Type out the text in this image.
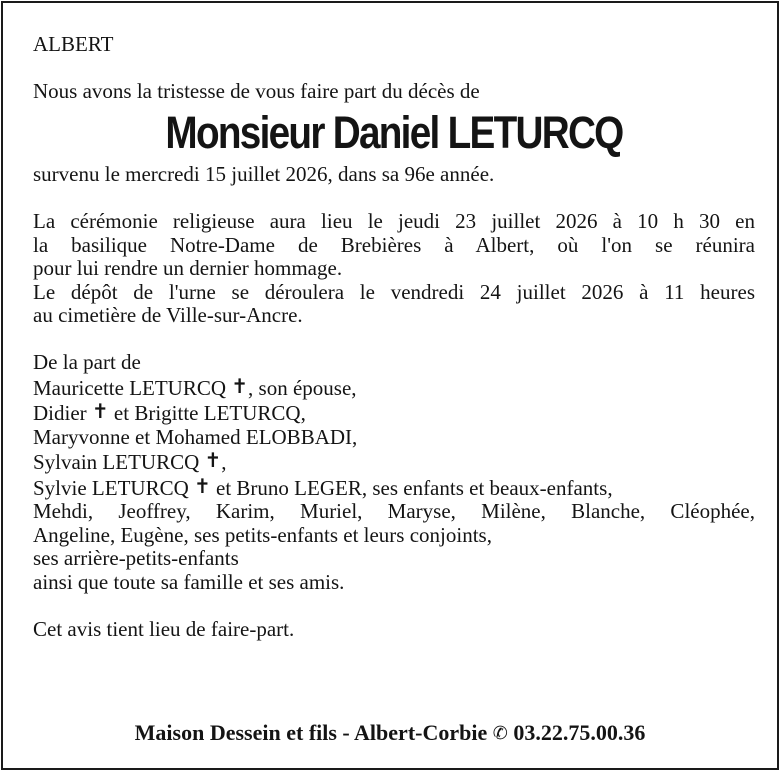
ALBERT
Nous avons la tristesse de vous faire part du décès de
Monsieur Daniel LETURCQ
survenu le mercredi 15 juillet 2026, dans sa 96e année.
La cérémonie religieuse aura lieu le jeudi 23 juillet 2026 à 10 h 30 en
la basilique Notre-Dame de Brebières à Albert, où l'on se réunira
pour lui rendre un dernier hommage.
Le dépôt de l'urne se déroulera le vendredi 24 juillet 2026 à 11 heures
au cimetière de Ville-sur-Ancre.
De la part de
Mauricette LETURCQ ✝, son épouse,
Didier ✝ et Brigitte LETURCQ,
Maryvonne et Mohamed ELOBBADI,
Sylvain LETURCQ ✝,
Sylvie LETURCQ ✝ et Bruno LEGER, ses enfants et beaux-enfants,
Mehdi, Jeoffrey, Karim, Muriel, Maryse, Milène, Blanche, Cléophée,
Angeline, Eugène, ses petits-enfants et leurs conjoints,
ses arrière-petits-enfants
ainsi que toute sa famille et ses amis.
Cet avis tient lieu de faire-part.
Maison Dessein et fils - Albert-Corbie ✆ 03.22.75.00.36
